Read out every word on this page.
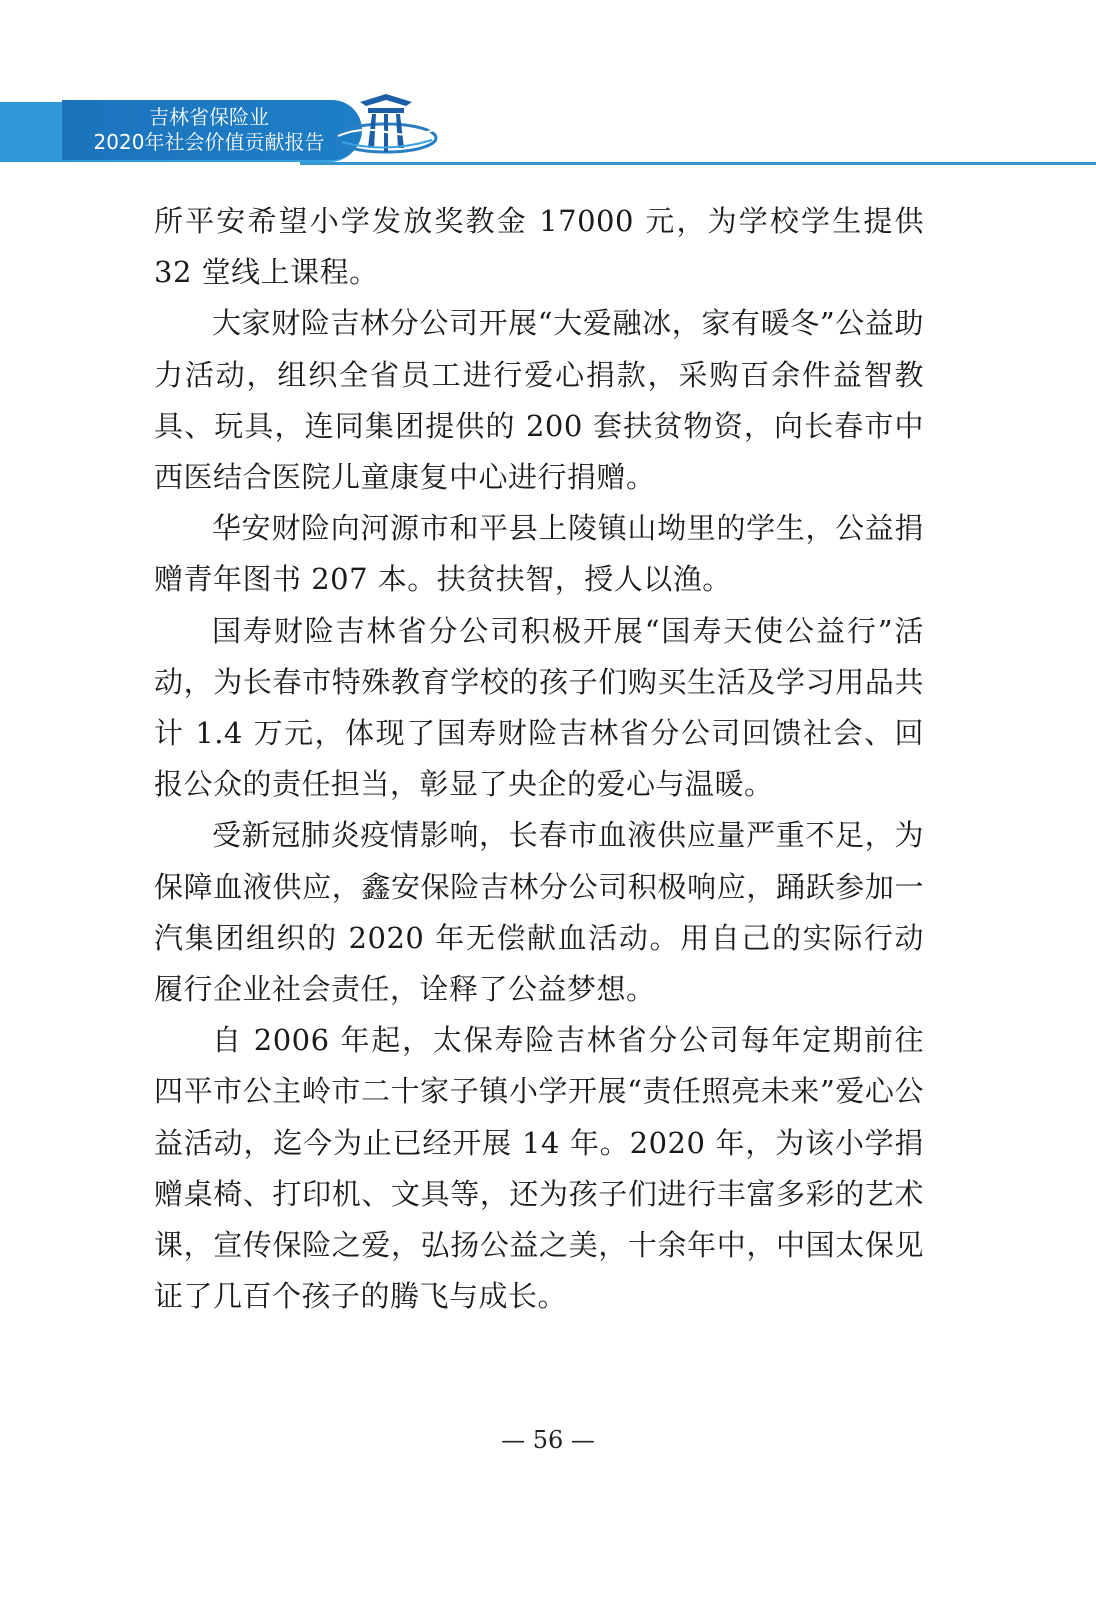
吉林省保险业
2020年社会价值贡献报告

所平安希望小学发放奖教金 17000 元，为学校学生提供 32 堂线上课程。

大家财险吉林分公司开展“大爱融冰，家有暖冬”公益助力活动，组织全省员工进行爱心捐款，采购百余件益智教具、玩具，连同集团提供的 200 套扶贫物资，向长春市中西医结合医院儿童康复中心进行捐赠。

华安财险向河源市和平县上陵镇山坳里的学生，公益捐赠青年图书 207 本。扶贫扶智，授人以渔。

国寿财险吉林省分公司积极开展“国寿天使公益行”活动，为长春市特殊教育学校的孩子们购买生活及学习用品共计 1.4 万元，体现了国寿财险吉林省分公司回馈社会、回报公众的责任担当，彰显了央企的爱心与温暖。

受新冠肺炎疫情影响，长春市血液供应量严重不足，为保障血液供应，鑫安保险吉林分公司积极响应，踊跃参加一汽集团组织的 2020 年无偿献血活动。用自己的实际行动履行企业社会责任，诠释了公益梦想。

自 2006 年起，太保寿险吉林省分公司每年定期前往四平市公主岭市二十家子镇小学开展“责任照亮未来”爱心公益活动，迄今为止已经开展 14 年。2020 年，为该小学捐赠桌椅、打印机、文具等，还为孩子们进行丰富多彩的艺术课，宣传保险之爱，弘扬公益之美，十余年中，中国太保见证了几百个孩子的腾飞与成长。

— 56 —
